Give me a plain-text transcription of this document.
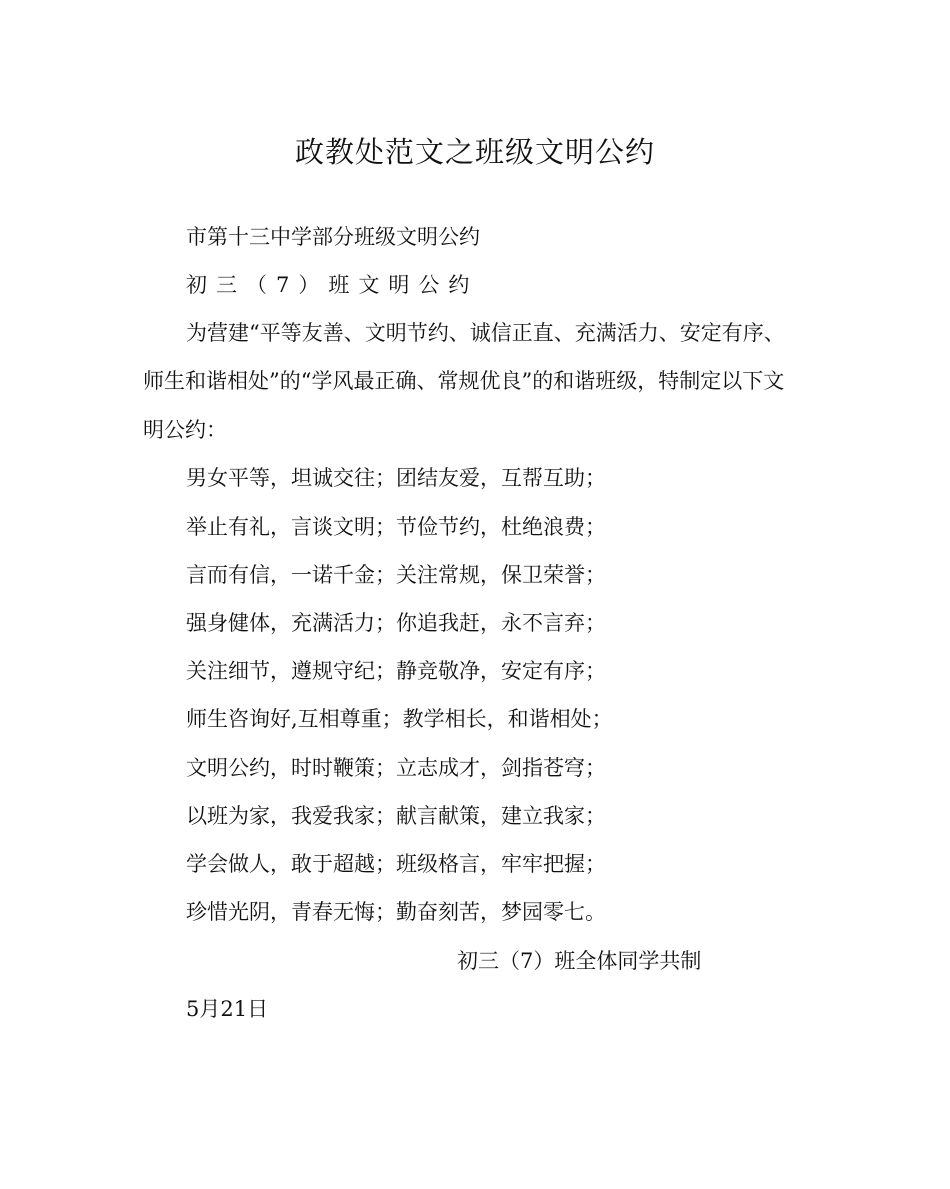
政教处范文之班级文明公约
市第十三中学部分班级文明公约
初三（7）班文明公约
为营建“平等友善、文明节约、诚信正直、充满活力、安定有序、
师生和谐相处”的“学风最正确、常规优良”的和谐班级，特制定以下文
明公约：
男女平等，坦诚交往；团结友爱，互帮互助；
举止有礼，言谈文明；节俭节约，杜绝浪费；
言而有信，一诺千金；关注常规，保卫荣誉；
强身健体，充满活力；你追我赶，永不言弃；
关注细节，遵规守纪；静竞敬净，安定有序；
师生咨询好,互相尊重；教学相长，和谐相处；
文明公约，时时鞭策；立志成才，剑指苍穹；
以班为家，我爱我家；献言献策，建立我家；
学会做人，敢于超越；班级格言，牢牢把握；
珍惜光阴，青春无悔；勤奋刻苦，梦园零七。
初三（7）班全体同学共制
5月21日
